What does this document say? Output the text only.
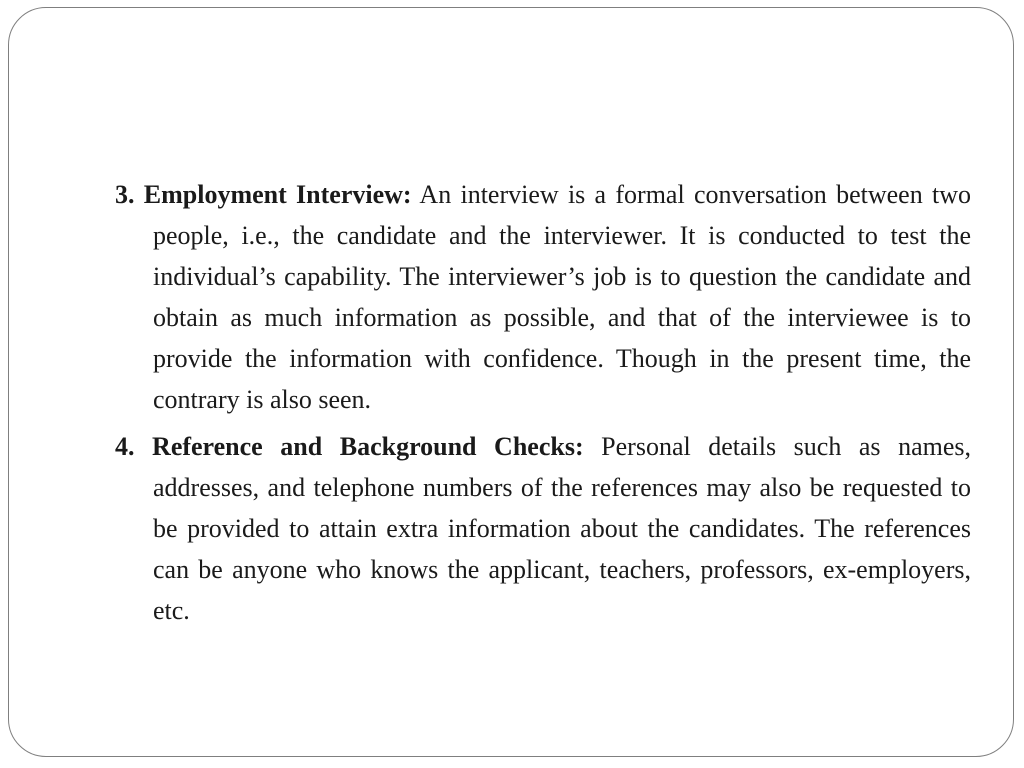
3. Employment Interview: An interview is a formal conversation between two people, i.e., the candidate and the interviewer. It is conducted to test the individual’s capability. The interviewer’s job is to question the candidate and obtain as much information as possible, and that of the interviewee is to provide the information with confidence. Though in the present time, the contrary is also seen.

4. Reference and Background Checks: Personal details such as names, addresses, and telephone numbers of the references may also be requested to be provided to attain extra information about the candidates. The references can be anyone who knows the applicant, teachers, professors, ex-employers, etc.
